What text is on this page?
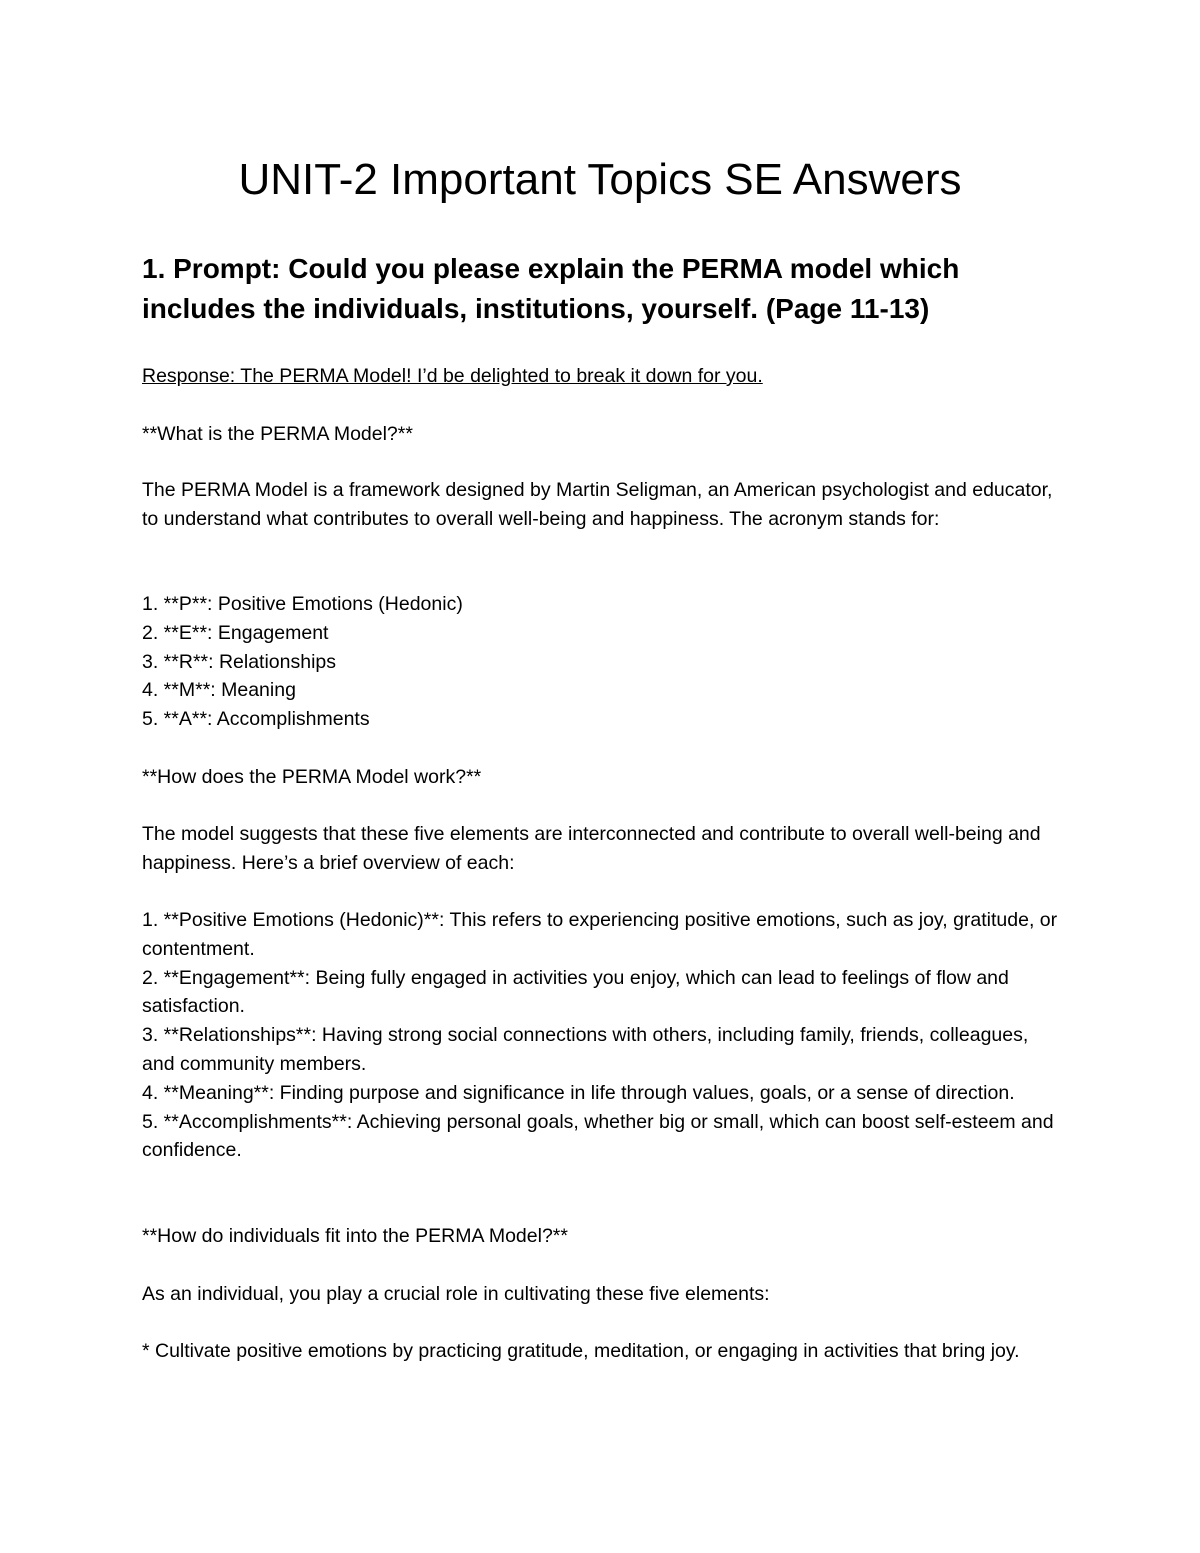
UNIT-2 Important Topics SE Answers

1. Prompt: Could you please explain the PERMA model which includes the individuals, institutions, yourself. (Page 11-13)

Response: The PERMA Model! I’d be delighted to break it down for you.

**What is the PERMA Model?**

The PERMA Model is a framework designed by Martin Seligman, an American psychologist and educator, to understand what contributes to overall well-being and happiness. The acronym stands for:

1. **P**: Positive Emotions (Hedonic)
2. **E**: Engagement
3. **R**: Relationships
4. **M**: Meaning
5. **A**: Accomplishments

**How does the PERMA Model work?**

The model suggests that these five elements are interconnected and contribute to overall well-being and happiness. Here’s a brief overview of each:

1. **Positive Emotions (Hedonic)**: This refers to experiencing positive emotions, such as joy, gratitude, or contentment.
2. **Engagement**: Being fully engaged in activities you enjoy, which can lead to feelings of flow and satisfaction.
3. **Relationships**: Having strong social connections with others, including family, friends, colleagues, and community members.
4. **Meaning**: Finding purpose and significance in life through values, goals, or a sense of direction.
5. **Accomplishments**: Achieving personal goals, whether big or small, which can boost self-esteem and confidence.

**How do individuals fit into the PERMA Model?**

As an individual, you play a crucial role in cultivating these five elements:

* Cultivate positive emotions by practicing gratitude, meditation, or engaging in activities that bring joy.
